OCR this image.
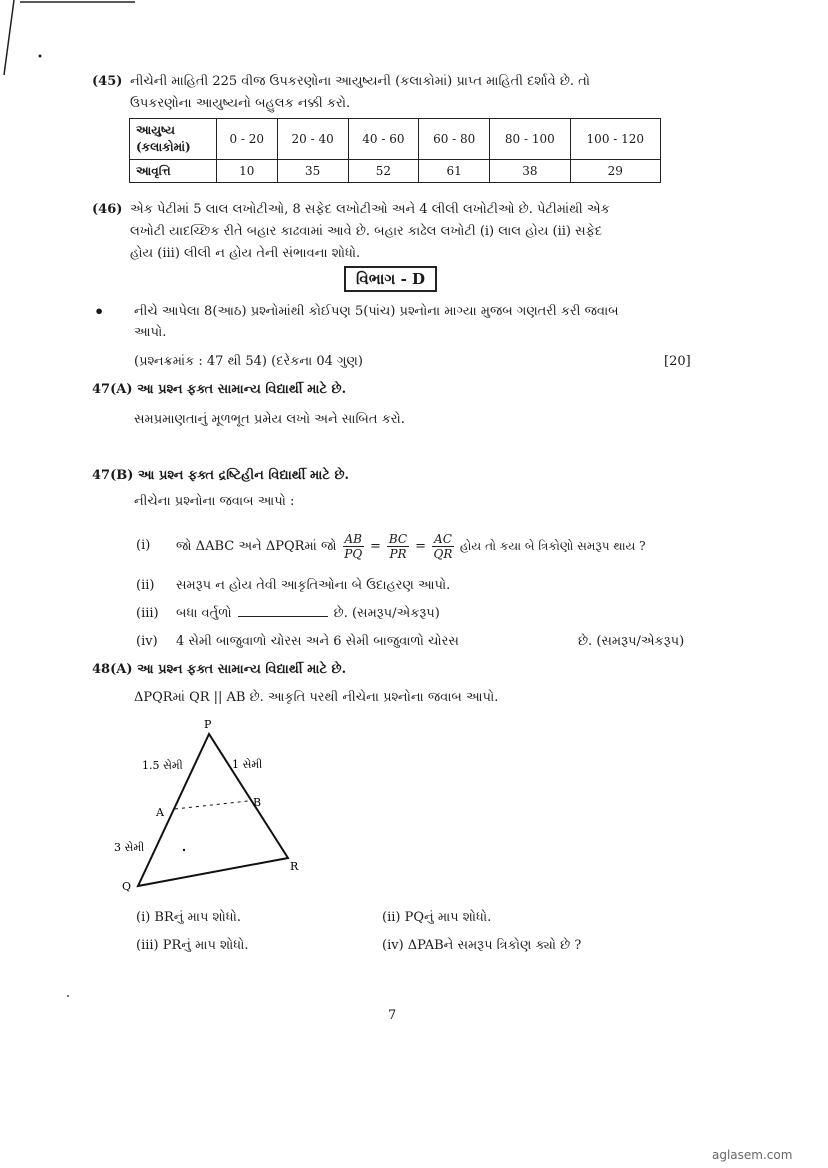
(45) નીચેની માહિતી 225 વીજ ઉપકરણોના આયુષ્યની (કલાકોમાં) પ્રાપ્ત માહિતી દર્શાવે છે. તો
ઉપકરણોના આયુષ્યનો બહુલક નક્કી કરો.
આયુષ્ય
(કલાકોમાં)	0 - 20	20 - 40	40 - 60	60 - 80	80 - 100	100 - 120
આવૃત્તિ	10	35	52	61	38	29
(46) એક પેટીમાં 5 લાલ લખોટીઓ, 8 સફેદ લખોટીઓ અને 4 લીલી લખોટીઓ છે. પેટીમાંથી એક
લખોટી યાદચ્છિક રીતે બહાર કાઢવામાં આવે છે. બહાર કાઢેલ લખોટી (i) લાલ હોય (ii) સફેદ
હોય (iii) લીલી ન હોય તેની સંભાવના શોધો.
વિભાગ - D
• નીચે આપેલા 8(આઠ) પ્રશ્નોમાંથી કોઈપણ 5(પાંચ) પ્રશ્નોના માગ્યા મુજબ ગણતરી કરી જવાબ
આપો.
(પ્રશ્નક્રમાંક : 47 થી 54) (દરેકના 04 ગુણ)	[20]
47(A) આ પ્રશ્ન ફક્ત સામાન્ય વિદ્યાર્થી માટે છે.
સમપ્રમાણતાનું મૂળભૂત પ્રમેય લખો અને સાબિત કરો.
47(B) આ પ્રશ્ન ફક્ત દ્રષ્ટિહીન વિદ્યાર્થી માટે છે.
નીચેના પ્રશ્નોના જવાબ આપો :
(i) જો ΔABC અને ΔPQRમાં જો $\frac{AB}{PQ} = \frac{BC}{PR} = \frac{AC}{QR}$ હોય તો કયા બે ત્રિકોણો સમરૂપ થાય ?
(ii) સમરૂપ ન હોય તેવી આકૃતિઓના બે ઉદાહરણ આપો.
(iii) બધા વર્તુળો	છે. (સમરૂપ/એકરૂપ)
(iv) 4 સેમી બાજુવાળો ચોરસ અને 6 સેમી બાજુવાળો ચોરસ	છે. (સમરૂપ/એકરૂપ)
48(A) આ પ્રશ્ન ફક્ત સામાન્ય વિદ્યાર્થી માટે છે.
ΔPQRમાં QR || AB છે. આકૃતિ પરથી નીચેના પ્રશ્નોના જવાબ આપો.
P
Q
R
A
B
1.5 સેમી	1 સેમી
3 સેમી
(i) BRનું માપ શોધો.	(ii) PQનું માપ શોધો.
(iii) PRનું માપ શોધો.	(iv) ΔPABને સમરૂપ ત્રિકોણ ક્યો છે ?
7
aglasem.com
